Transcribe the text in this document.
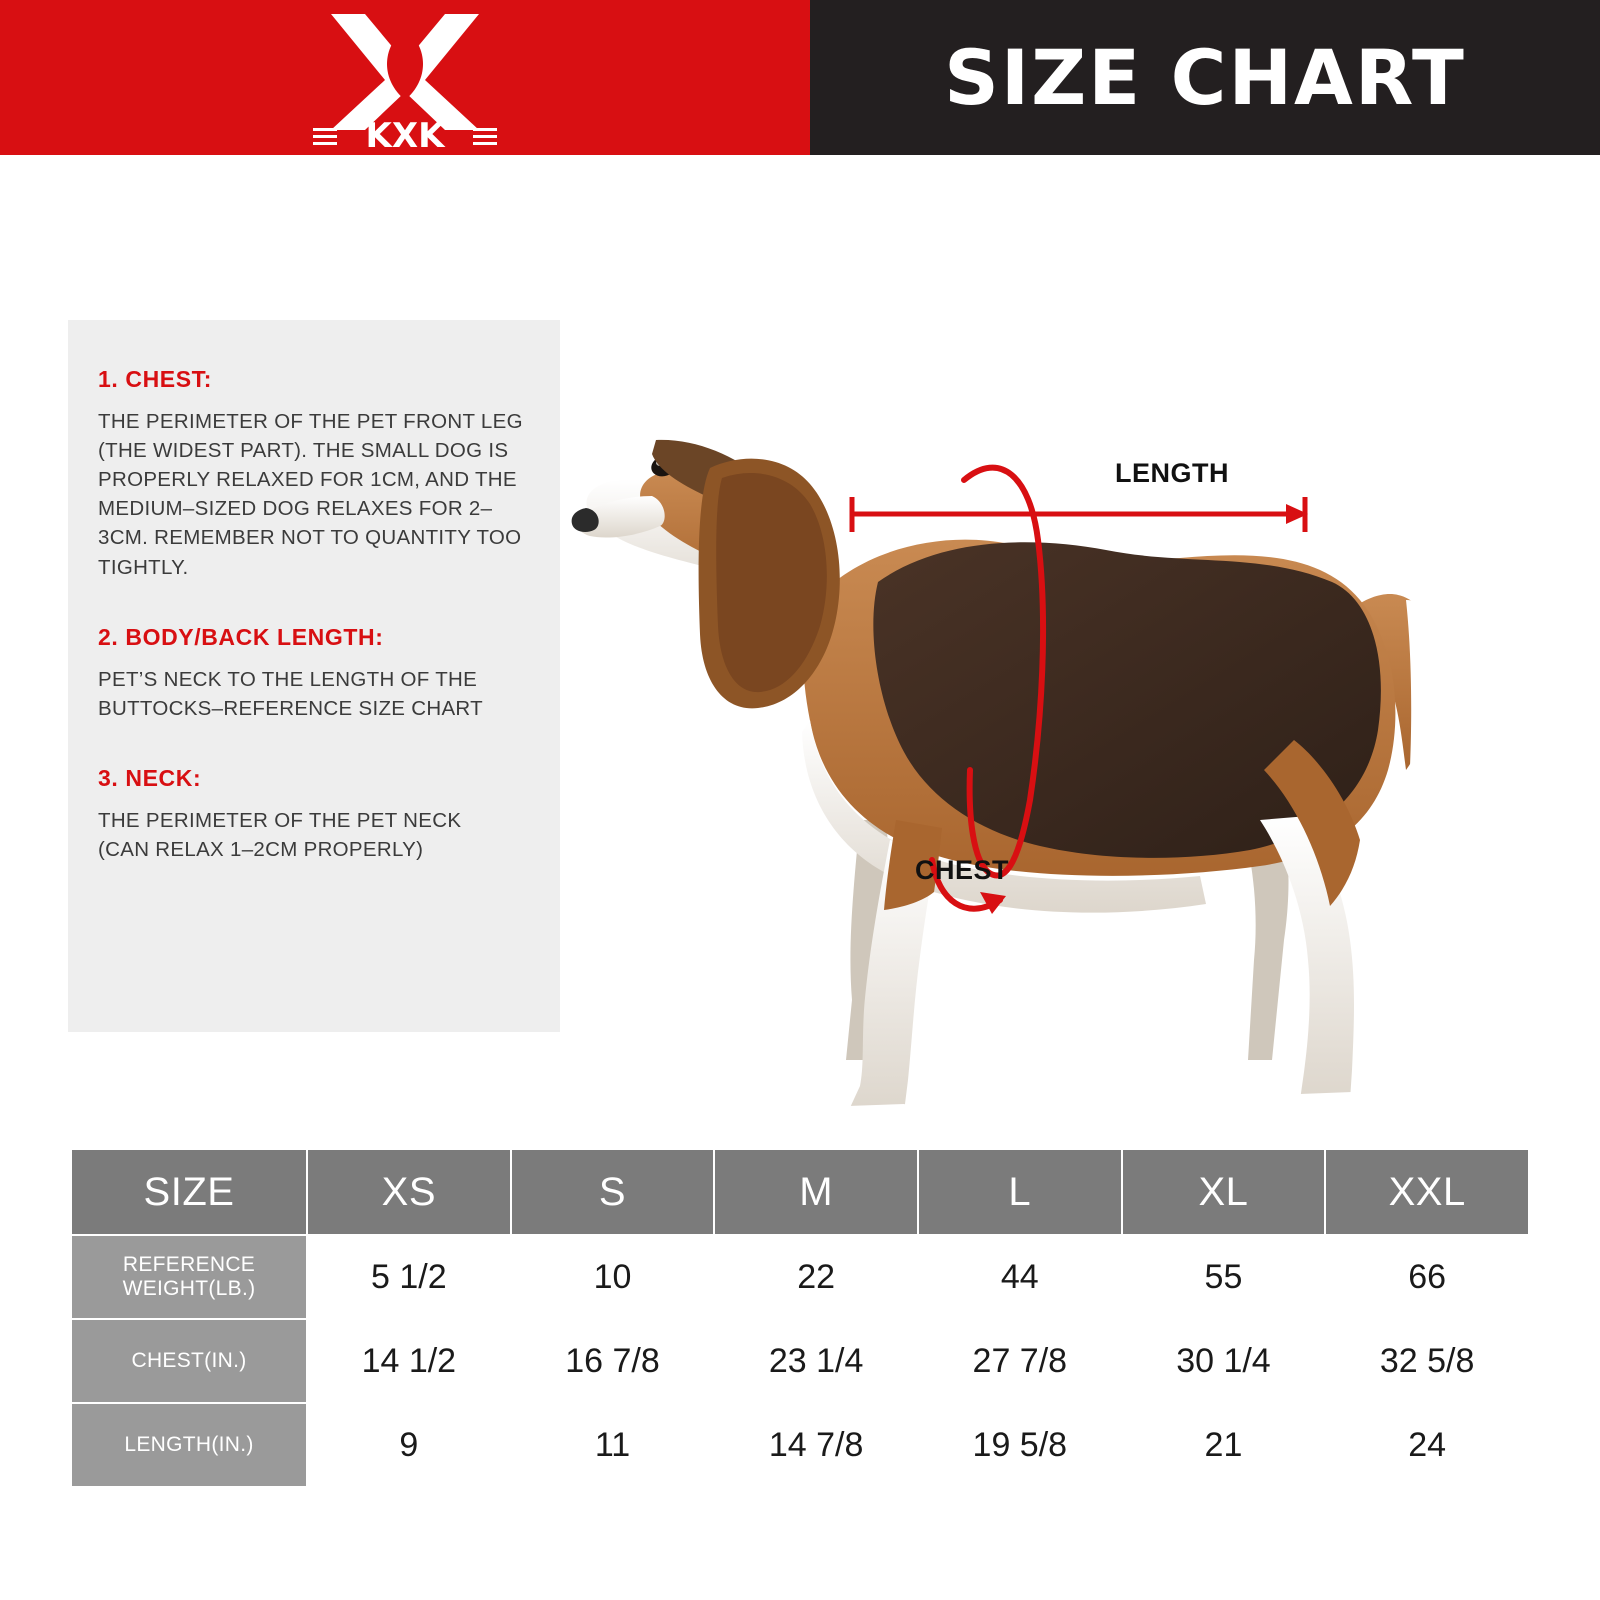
KXK
SIZE CHART

1. CHEST:

THE PERIMETER OF THE PET FRONT LEG (THE WIDEST PART). THE SMALL DOG IS PROPERLY RELAXED FOR 1CM, AND THE MEDIUM–SIZED DOG RELAXES FOR 2–3CM. REMEMBER NOT TO QUANTITY TOO TIGHTLY.

2. BODY/BACK LENGTH:

PET’S NECK TO THE LENGTH OF THE BUTTOCKS–REFERENCE SIZE CHART

3. NECK:

THE PERIMETER OF THE PET NECK
(CAN RELAX 1–2CM PROPERLY)

LENGTH
CHEST
SIZE	XS	S	M	L	XL	XXL
REFERENCE
WEIGHT(LB.)	5 1/2	10	22	44	55	66
CHEST(IN.)	14 1/2	16 7/8	23 1/4	27 7/8	30 1/4	32 5/8
LENGTH(IN.)	9	11	14 7/8	19 5/8	21	24
